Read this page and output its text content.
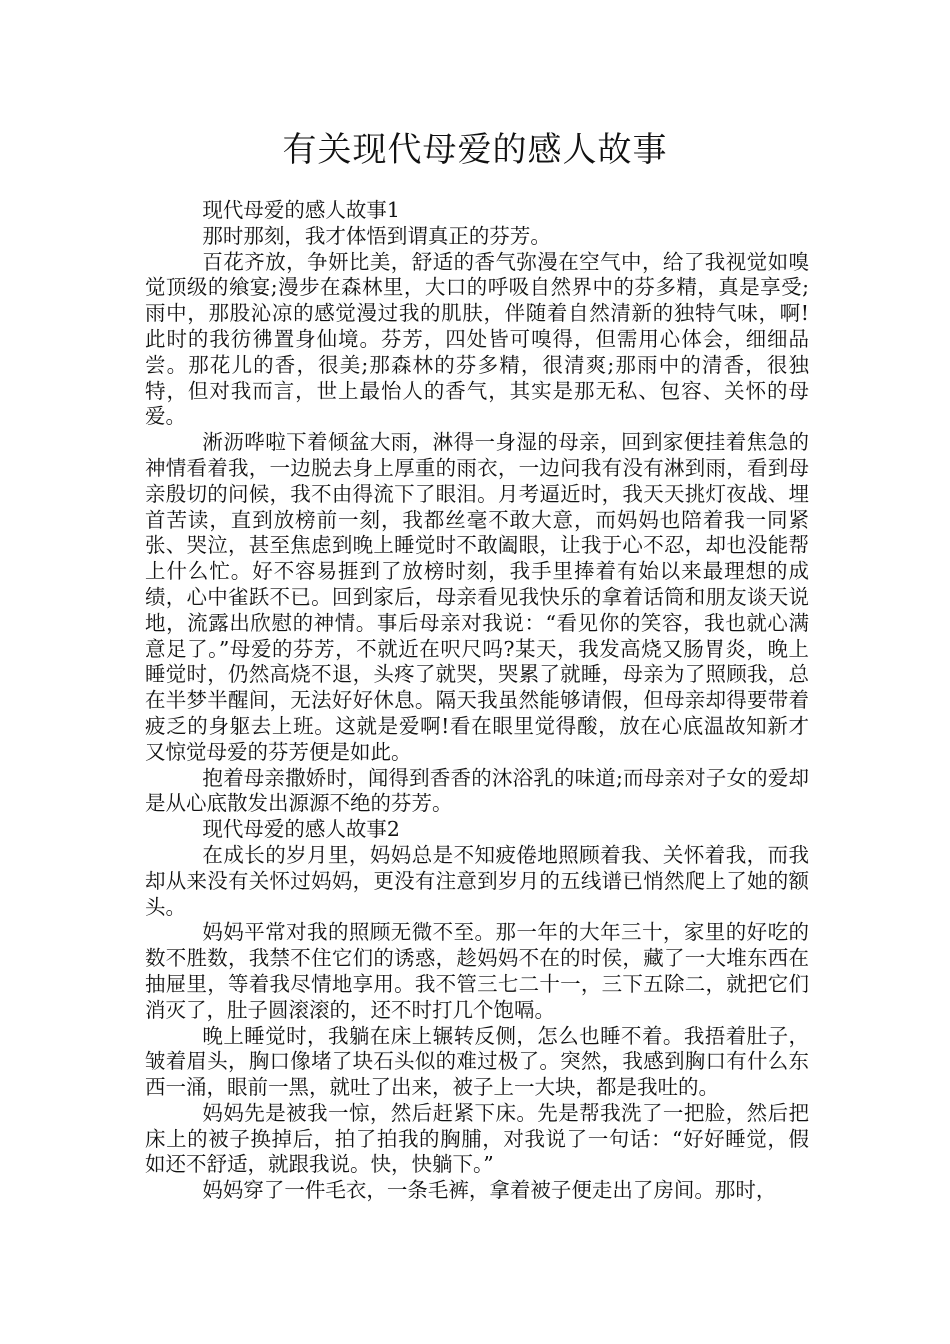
有关现代母爱的感人故事

现代母爱的感人故事1

那时那刻，我才体悟到谓真正的芬芳。

百花齐放，争妍比美，舒适的香气弥漫在空气中，给了我视觉如嗅觉顶级的飨宴;漫步在森林里，大口的呼吸自然界中的芬多精，真是享受;雨中，那股沁凉的感觉漫过我的肌肤，伴随着自然清新的独特气味，啊!此时的我彷彿置身仙境。芬芳，四处皆可嗅得，但需用心体会，细细品尝。那花儿的香，很美;那森林的芬多精，很清爽;那雨中的清香，很独特，但对我而言，世上最怡人的香气，其实是那无私、包容、关怀的母爱。

淅沥哗啦下着倾盆大雨，淋得一身湿的母亲，回到家便挂着焦急的神情看着我，一边脱去身上厚重的雨衣，一边问我有没有淋到雨，看到母亲殷切的问候，我不由得流下了眼泪。月考逼近时，我天天挑灯夜战、埋首苦读，直到放榜前一刻，我都丝毫不敢大意，而妈妈也陪着我一同紧张、哭泣，甚至焦虑到晚上睡觉时不敢阖眼，让我于心不忍，却也没能帮上什么忙。好不容易捱到了放榜时刻，我手里捧着有始以来最理想的成绩，心中雀跃不已。回到家后，母亲看见我快乐的拿着话筒和朋友谈天说地，流露出欣慰的神情。事后母亲对我说：“看见你的笑容，我也就心满意足了。”母爱的芬芳，不就近在呎尺吗?某天，我发高烧又肠胃炎，晚上睡觉时，仍然高烧不退，头疼了就哭，哭累了就睡，母亲为了照顾我，总在半梦半醒间，无法好好休息。隔天我虽然能够请假，但母亲却得要带着疲乏的身躯去上班。这就是爱啊!看在眼里觉得酸，放在心底温故知新才又惊觉母爱的芬芳便是如此。

抱着母亲撒娇时，闻得到香香的沐浴乳的味道;而母亲对子女的爱却是从心底散发出源源不绝的芬芳。

现代母爱的感人故事2

在成长的岁月里，妈妈总是不知疲倦地照顾着我、关怀着我，而我却从来没有关怀过妈妈，更没有注意到岁月的五线谱已悄然爬上了她的额头。

妈妈平常对我的照顾无微不至。那一年的大年三十，家里的好吃的数不胜数，我禁不住它们的诱惑，趁妈妈不在的时侯，藏了一大堆东西在抽屉里，等着我尽情地享用。我不管三七二十一，三下五除二，就把它们消灭了，肚子圆滚滚的，还不时打几个饱嗝。

晚上睡觉时，我躺在床上辗转反侧，怎么也睡不着。我捂着肚子，皱着眉头，胸口像堵了块石头似的难过极了。突然，我感到胸口有什么东西一涌，眼前一黑，就吐了出来，被子上一大块，都是我吐的。

妈妈先是被我一惊，然后赶紧下床。先是帮我洗了一把脸，然后把床上的被子换掉后，拍了拍我的胸脯，对我说了一句话：“好好睡觉，假如还不舒适，就跟我说。快，快躺下。”

妈妈穿了一件毛衣，一条毛裤，拿着被子便走出了房间。那时，
